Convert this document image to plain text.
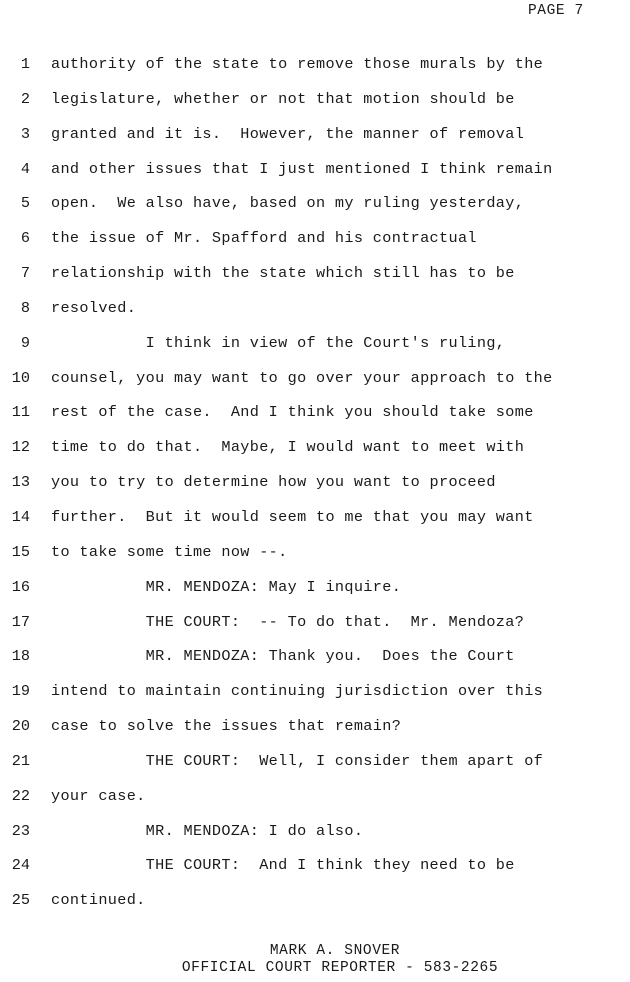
PAGE 7
1 authority of the state to remove those murals by the
2 legislature, whether or not that motion should be
3 granted and it is.  However, the manner of removal
4 and other issues that I just mentioned I think remain
5 open.  We also have, based on my ruling yesterday,
6 the issue of Mr. Spafford and his contractual
7 relationship with the state which still has to be
8 resolved.
9 I think in view of the Court's ruling,
10 counsel, you may want to go over your approach to the
11 rest of the case.  And I think you should take some
12 time to do that.  Maybe, I would want to meet with
13 you to try to determine how you want to proceed
14 further.  But it would seem to me that you may want
15 to take some time now --.
16 MR. MENDOZA: May I inquire.
17 THE COURT:  -- To do that.  Mr. Mendoza?
18 MR. MENDOZA: Thank you.  Does the Court
19 intend to maintain continuing jurisdiction over this
20 case to solve the issues that remain?
21 THE COURT:  Well, I consider them apart of
22 your case.
23 MR. MENDOZA: I do also.
24 THE COURT:  And I think they need to be
25 continued.
MARK A. SNOVER
OFFICIAL COURT REPORTER - 583-2265
